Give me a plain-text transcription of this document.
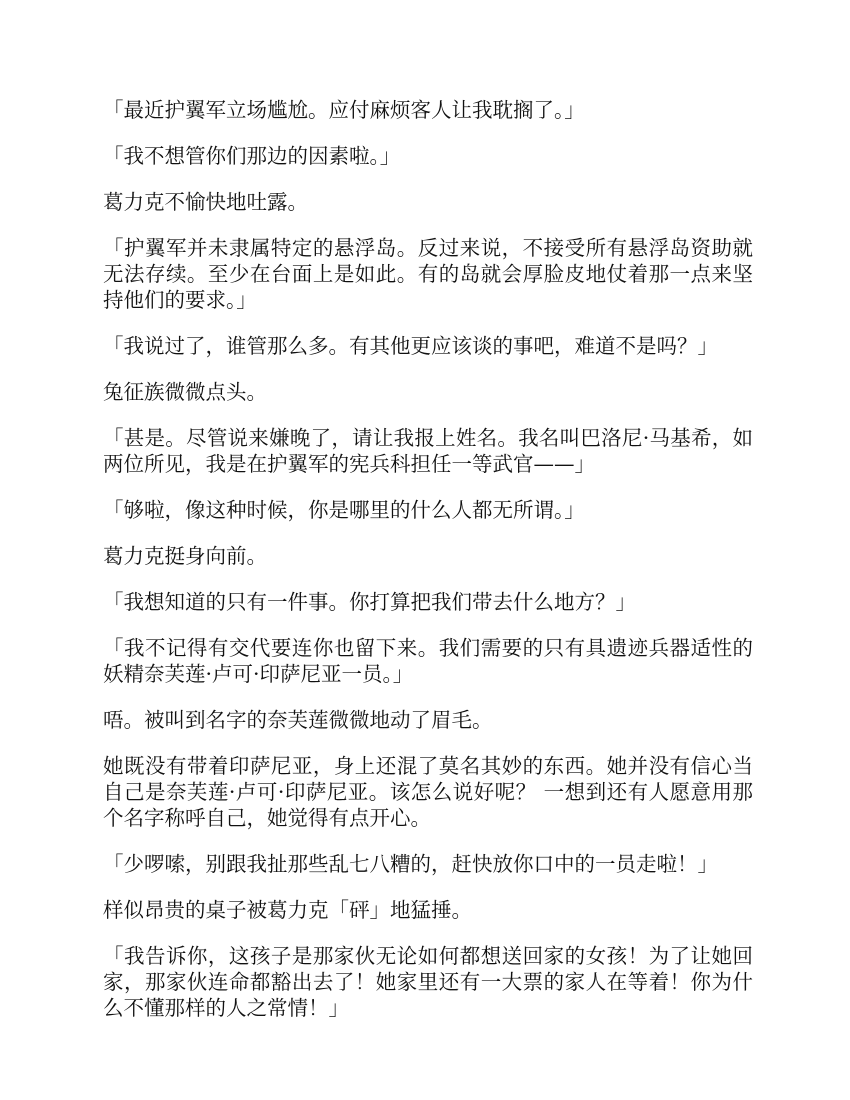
「最近护翼军立场尴尬。应付麻烦客人让我耽搁了。」

「我不想管你们那边的因素啦。」

葛力克不愉快地吐露。

「护翼军并未隶属特定的悬浮岛。反过来说，不接受所有悬浮岛资助就无法存续。至少在台面上是如此。有的岛就会厚脸皮地仗着那一点来坚持他们的要求。」

「我说过了，谁管那么多。有其他更应该谈的事吧，难道不是吗？」

兔征族微微点头。

「甚是。尽管说来嫌晚了，请让我报上姓名。我名叫巴洛尼·马基希，如两位所见，我是在护翼军的宪兵科担任一等武官——」

「够啦，像这种时候，你是哪里的什么人都无所谓。」

葛力克挺身向前。

「我想知道的只有一件事。你打算把我们带去什么地方？」

「我不记得有交代要连你也留下来。我们需要的只有具遗迹兵器适性的妖精奈芙莲·卢可·印萨尼亚一员。」

唔。被叫到名字的奈芙莲微微地动了眉毛。

她既没有带着印萨尼亚，身上还混了莫名其妙的东西。她并没有信心当自己是奈芙莲·卢可·印萨尼亚。该怎么说好呢？ 一想到还有人愿意用那个名字称呼自己，她觉得有点开心。

「少啰嗦，别跟我扯那些乱七八糟的，赶快放你口中的一员走啦！」

样似昂贵的桌子被葛力克「砰」地猛捶。

「我告诉你，这孩子是那家伙无论如何都想送回家的女孩！为了让她回家，那家伙连命都豁出去了！她家里还有一大票的家人在等着！你为什么不懂那样的人之常情！」
